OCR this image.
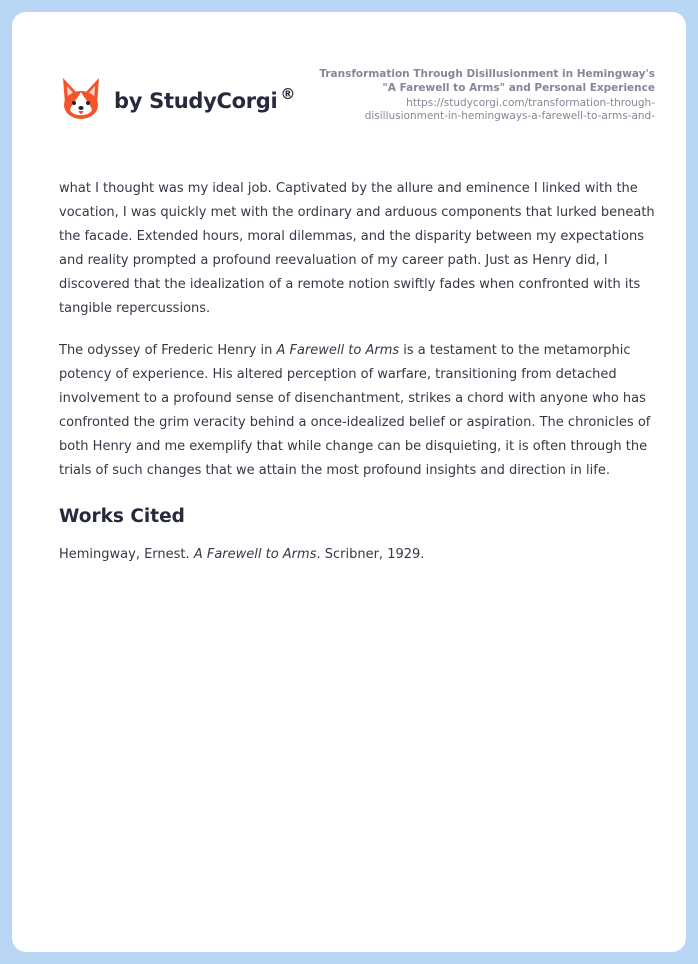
by StudyCorgi ®

Transformation Through Disillusionment in Hemingway's
"A Farewell to Arms" and Personal Experience

https://studycorgi.com/transformation-through-
disillusionment-in-hemingways-a-farewell-to-arms-and-

what I thought was my ideal job. Captivated by the allure and eminence I linked with the vocation, I was quickly met with the ordinary and arduous components that lurked beneath the facade. Extended hours, moral dilemmas, and the disparity between my expectations and reality prompted a profound reevaluation of my career path. Just as Henry did, I discovered that the idealization of a remote notion swiftly fades when confronted with its tangible repercussions.

The odyssey of Frederic Henry in A Farewell to Arms is a testament to the metamorphic potency of experience. His altered perception of warfare, transitioning from detached involvement to a profound sense of disenchantment, strikes a chord with anyone who has confronted the grim veracity behind a once-idealized belief or aspiration. The chronicles of both Henry and me exemplify that while change can be disquieting, it is often through the trials of such changes that we attain the most profound insights and direction in life.

Works Cited

Hemingway, Ernest. A Farewell to Arms. Scribner, 1929.
